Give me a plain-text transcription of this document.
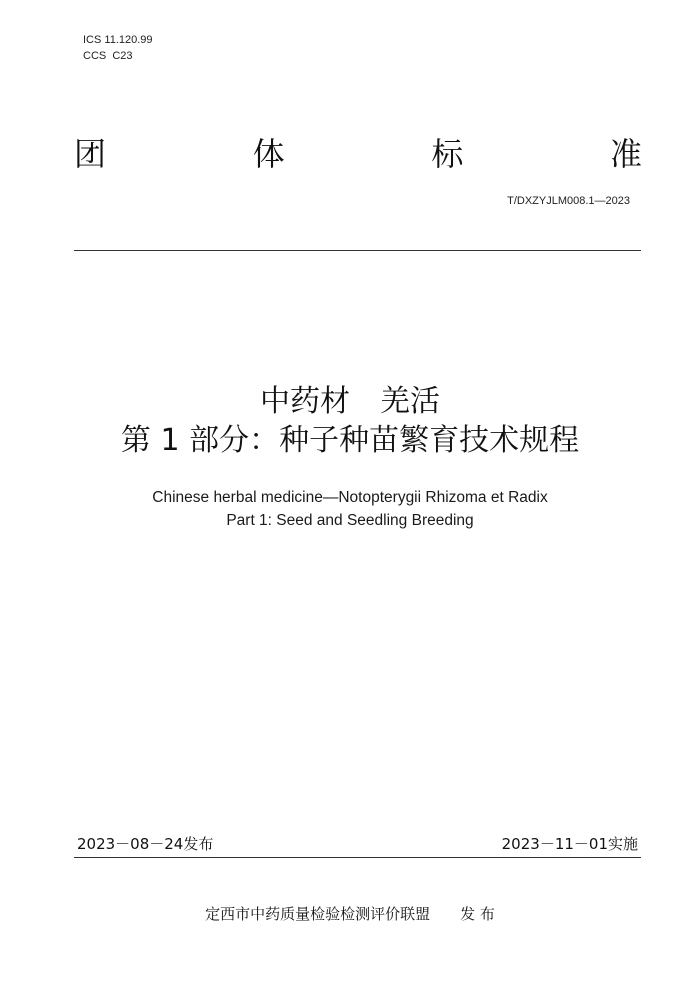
ICS 11.120.99
CCS  C23
团	体	标	准
T/DXZYJLM008.1—2023
中药材　羌活
第 1 部分：种子种苗繁育技术规程
Chinese herbal medicine—Notopterygii Rhizoma et Radix
Part 1: Seed and Seedling Breeding
2023－08－24发布	2023－11－01实施
定西市中药质量检验检测评价联盟　　发 布
